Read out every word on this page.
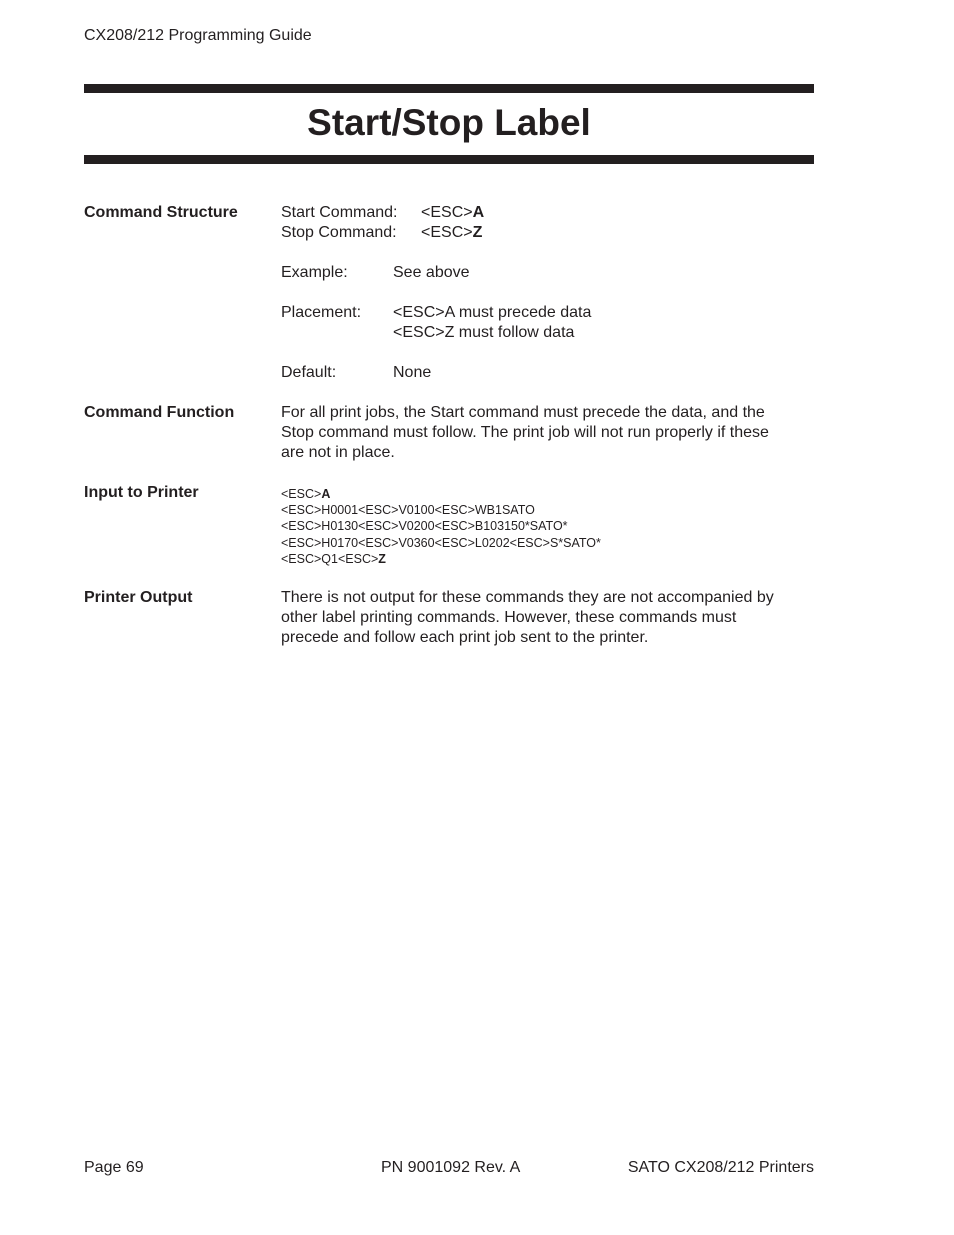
CX208/212 Programming Guide
Start/Stop Label
Command Structure	Start Command: <ESC>A
Stop Command: <ESC>Z
Example:	See above
Placement: <ESC>A must precede data
<ESC>Z must follow data
Default:	None
Command Function	For all print jobs, the Start command must precede the data, and the
Stop command must follow. The print job will not run properly if these
are not in place.
Input to Printer	<ESC>A
<ESC>H0001<ESC>V0100<ESC>WB1SATO
<ESC>H0130<ESC>V0200<ESC>B103150*SATO*
<ESC>H0170<ESC>V0360<ESC>L0202<ESC>S*SATO*
<ESC>Q1<ESC>Z
Printer Output	There is not output for these commands they are not accompanied by
other label printing commands. However, these commands must
precede and follow each print job sent to the printer.
Page 69	PN 9001092 Rev. A	SATO CX208/212 Printers
